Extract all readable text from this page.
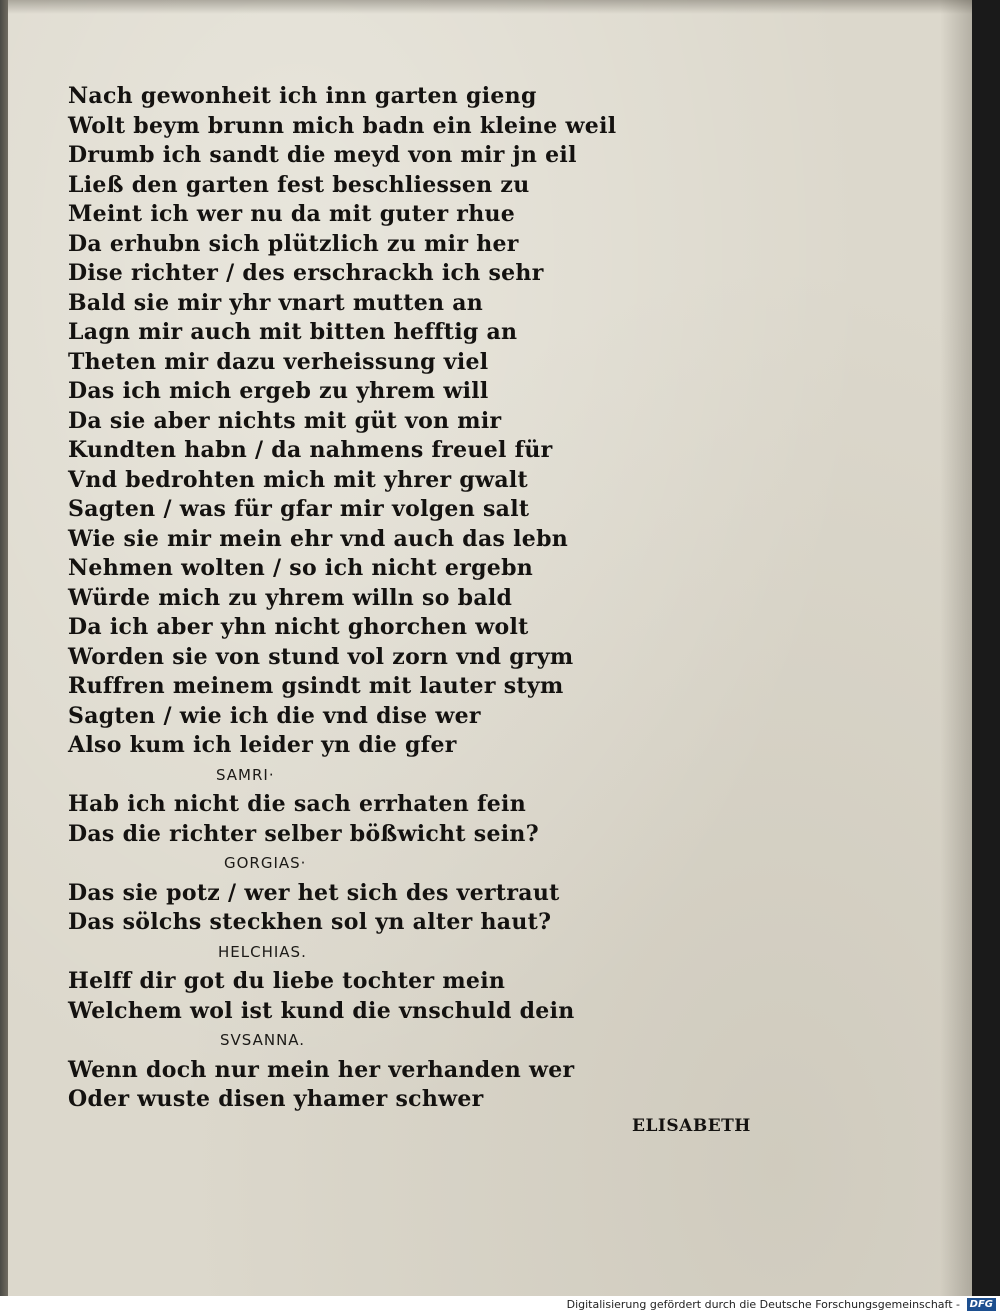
Nach gewonheit ich inn garten gieng
Wolt beym brunn mich badn ein kleine weil
Drumb ich sandt die meyd von mir jn eil
Ließ den garten fest beschliessen zu
Meint ich wer nu da mit guter rhue
Da erhubn sich plützlich zu mir her
Dise richter / des erschrackh ich sehr
Bald sie mir yhr vnart mutten an
Lagn mir auch mit bitten hefftig an
Theten mir dazu verheissung viel
Das ich mich ergeb zu yhrem will
Da sie aber nichts mit güt von mir
Kundten habn / da nahmens freuel für
Vnd bedrohten mich mit yhrer gwalt
Sagten / was für gfar mir volgen salt
Wie sie mir mein ehr vnd auch das lebn
Nehmen wolten / so ich nicht ergebn
Würde mich zu yhrem willn so bald
Da ich aber yhn nicht ghorchen wolt
Worden sie von stund vol zorn vnd grym
Ruffren meinem gsindt mit lauter stym
Sagten / wie ich die vnd dise wer
Also kum ich leider yn die gfer
SAMRI·
Hab ich nicht die sach errhaten fein
Das die richter selber bößwicht sein?
GORGIAS·
Das sie potz / wer het sich des vertraut
Das sölchs steckhen sol yn alter haut?
HELCHIAS.
Helff dir got du liebe tochter mein
Welchem wol ist kund die vnschuld dein
SVSANNA.
Wenn doch nur mein her verhanden wer
Oder wuste disen yhamer schwer
ELISABETH
Digitalisierung gefördert durch die Deutsche Forschungsgemeinschaft - DFG
